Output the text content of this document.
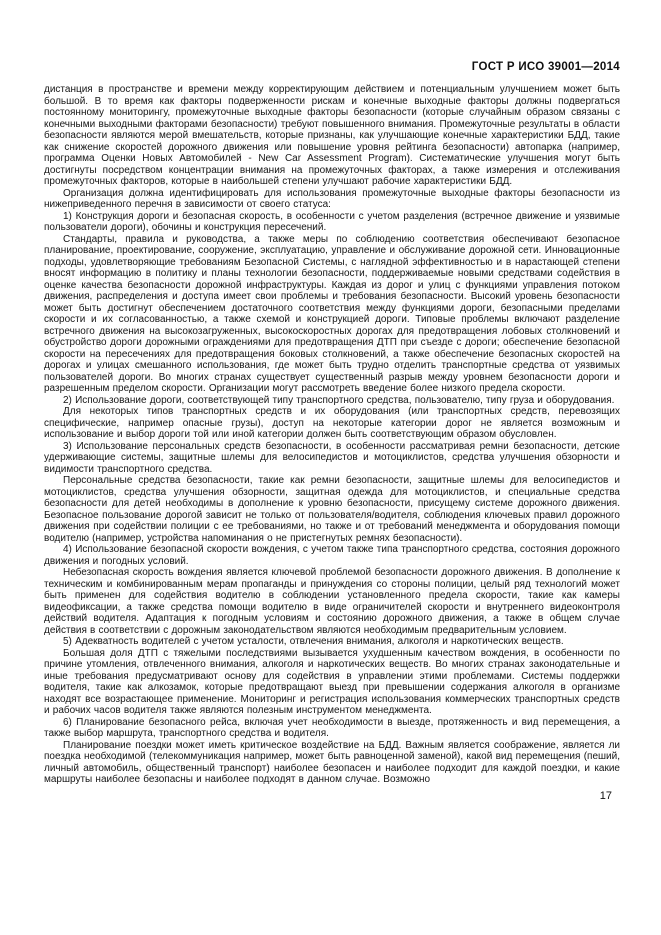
ГОСТ Р ИСО 39001—2014

дистанция в пространстве и времени между корректирующим действием и потенциальным улучшением может быть большой. В то время как факторы подверженности рискам и конечные выходные факторы должны подвергаться постоянному мониторингу, промежуточные выходные факторы безопасности (которые случайным образом связаны с конечными выходными факторами безопасности) требуют повышенного внимания. Промежуточные результаты в области безопасности являются мерой вмешательств, которые признаны, как улучшающие конечные характеристики БДД, такие как снижение скоростей дорожного движения или повышение уровня рейтинга безопасности) автопарка (например, программа Оценки Новых Автомобилей - New Car Assessment Program). Систематические улучшения могут быть достигнуты посредством концентрации внимания на промежуточных факторах, а также измерения и отслеживания промежуточных факторов, которые в наибольшей степени улучшают рабочие характеристики БДД.

Организация должна идентифицировать для использования промежуточные выходные факторы безопасности из нижеприведенного перечня в зависимости от своего статуса:

1) Конструкция дороги и безопасная скорость, в особенности с учетом разделения (встречное движение и уязвимые пользователи дороги), обочины и конструкция пересечений.

Стандарты, правила и руководства, а также меры по соблюдению соответствия обеспечивают безопасное планирование, проектирование, сооружение, эксплуатацию, управление и обслуживание дорожной сети. Инновационные подходы, удовлетворяющие требованиям Безопасной Системы, с наглядной эффективностью и в нарастающей степени вносят информацию в политику и планы технологии безопасности, поддерживаемые новыми средствами содействия в оценке качества безопасности дорожной инфраструктуры. Каждая из дорог и улиц с функциями управления потоком движения, распределения и доступа имеет свои проблемы и требования безопасности. Высокий уровень безопасности может быть достигнут обеспечением достаточного соответствия между функциями дороги, безопасными пределами скорости и их согласованностью, а также схемой и конструкцией дороги. Типовые проблемы включают разделение встречного движения на высокозагруженных, высокоскоростных дорогах для предотвращения лобовых столкновений и обустройство дороги дорожными ограждениями для предотвращения ДТП при съезде с дороги; обеспечение безопасной скорости на пересечениях для предотвращения боковых столкновений, а также обеспечение безопасных скоростей на дорогах и улицах смешанного использования, где может быть трудно отделить транспортные средства от уязвимых пользователей дороги. Во многих странах существует существенный разрыв между уровнем безопасности дороги и разрешенным пределом скорости. Организации могут рассмотреть введение более низкого предела скорости.

2) Использование дороги, соответствующей типу транспортного средства, пользователю, типу груза и оборудования.

Для некоторых типов транспортных средств и их оборудования (или транспортных средств, перевозящих специфические, например опасные грузы), доступ на некоторые категории дорог не является возможным и использование и выбор дороги той или иной категории должен быть соответствующим образом обусловлен.

3) Использование персональных средств безопасности, в особенности рассматривая ремни безопасности, детские удерживающие системы, защитные шлемы для велосипедистов и мотоциклистов, средства улучшения обзорности и видимости транспортного средства.

Персональные средства безопасности, такие как ремни безопасности, защитные шлемы для велосипедистов и мотоциклистов, средства улучшения обзорности, защитная одежда для мотоциклистов, и специальные средства безопасности для детей необходимы в дополнение к уровню безопасности, присущему системе дорожного движения. Безопасное пользование дорогой зависит не только от пользователя/водителя, соблюдения ключевых правил дорожного движения при содействии полиции с ее требованиями, но также и от требований менеджмента и оборудования помощи водителю (например, устройства напоминания о не пристегнутых ремнях безопасности).

4) Использование безопасной скорости вождения, с учетом также типа транспортного средства, состояния дорожного движения и погодных условий.

Небезопасная скорость вождения является ключевой проблемой безопасности дорожного движения. В дополнение к техническим и комбинированным мерам пропаганды и принуждения со стороны полиции, целый ряд технологий может быть применен для содействия водителю в соблюдении установленного предела скорости, такие как камеры видеофиксации, а также средства помощи водителю в виде ограничителей скорости и внутреннего видеоконтроля действий водителя. Адаптация к погодным условиям и состоянию дорожного движения, а также в общем случае действия в соответствии с дорожным законодательством являются необходимым предварительным условием.

5) Адекватность водителей с учетом усталости, отвлечения внимания, алкоголя и наркотических веществ.

Большая доля ДТП с тяжелыми последствиями вызывается ухудшенным качеством вождения, в особенности по причине утомления, отвлеченного внимания, алкоголя и наркотических веществ. Во многих странах законодательные и иные требования предусматривают основу для содействия в управлении этими проблемами. Системы поддержки водителя, такие как алкозамок, которые предотвращают выезд при превышении содержания алкоголя в организме находят все возрастающее применение. Мониторинг и регистрация использования коммерческих транспортных средств и рабочих часов водителя также являются полезным инструментом менеджмента.

6) Планирование безопасного рейса, включая учет необходимости в выезде, протяженность и вид перемещения, а также выбор маршрута, транспортного средства и водителя.

Планирование поездки может иметь критическое воздействие на БДД. Важным является соображение, является ли поездка необходимой (телекоммуникация например, может быть равноценной заменой), какой вид перемещения (пеший, личный автомобиль, общественный транспорт) наиболее безопасен и наиболее подходит для каждой поездки, и какие маршруты наиболее безопасны и наиболее подходят в данном случае. Возможно

17
